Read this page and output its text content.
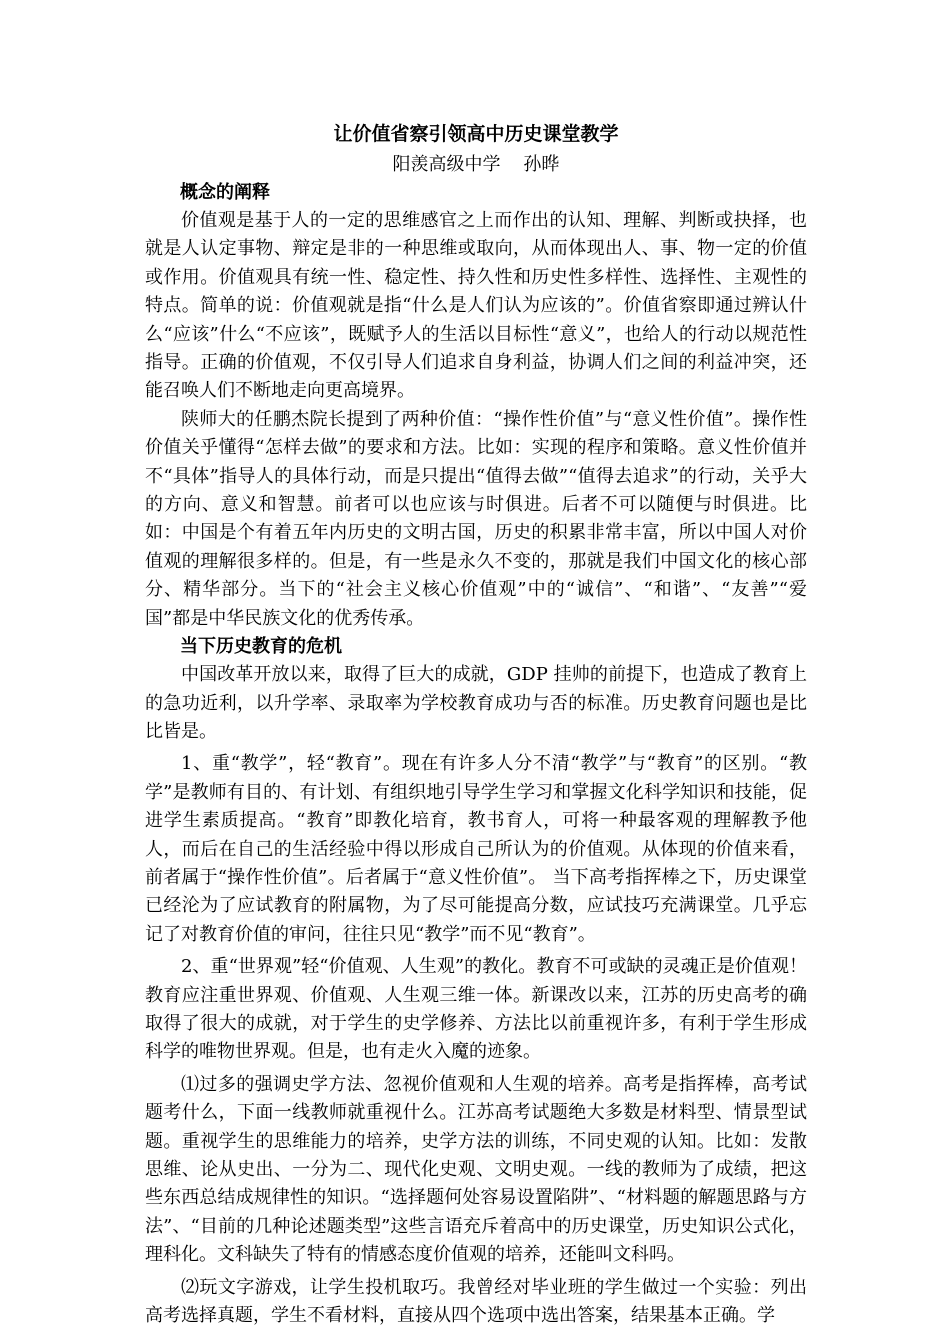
让价值省察引领高中历史课堂教学
阳羡高级中学    孙晔
概念的阐释

价值观是基于人的一定的思维感官之上而作出的认知、理解、判断或抉择，也就是人认定事物、辩定是非的一种思维或取向，从而体现出人、事、物一定的价值或作用。价值观具有统一性、稳定性、持久性和历史性多样性、选择性、主观性的特点。简单的说：价值观就是指“什么是人们认为应该的”。价值省察即通过辨认什么“应该”什么“不应该”，既赋予人的生活以目标性“意义”，也给人的行动以规范性指导。正确的价值观，不仅引导人们追求自身利益，协调人们之间的利益冲突，还能召唤人们不断地走向更高境界。

陕师大的任鹏杰院长提到了两种价值：“操作性价值”与“意义性价值”。操作性价值关乎懂得“怎样去做”的要求和方法。比如：实现的程序和策略。意义性价值并不“具体”指导人的具体行动，而是只提出“值得去做”“值得去追求”的行动，关乎大的方向、意义和智慧。前者可以也应该与时俱进。后者不可以随便与时俱进。比如：中国是个有着五年内历史的文明古国，历史的积累非常丰富，所以中国人对价值观的理解很多样的。但是，有一些是永久不变的，那就是我们中国文化的核心部分、精华部分。当下的“社会主义核心价值观”中的“诚信”、“和谐”、“友善”“爱国”都是中华民族文化的优秀传承。

当下历史教育的危机

中国改革开放以来，取得了巨大的成就，GDP 挂帅的前提下，也造成了教育上的急功近利，以升学率、录取率为学校教育成功与否的标准。历史教育问题也是比比皆是。

1、重“教学”，轻“教育”。现在有许多人分不清“教学”与“教育”的区别。“教学”是教师有目的、有计划、有组织地引导学生学习和掌握文化科学知识和技能，促进学生素质提高。“教育”即教化培育，教书育人，可将一种最客观的理解教予他人，而后在自己的生活经验中得以形成自己所认为的价值观。从体现的价值来看，前者属于“操作性价值”。后者属于“意义性价值”。 当下高考指挥棒之下，历史课堂已经沦为了应试教育的附属物，为了尽可能提高分数，应试技巧充满课堂。几乎忘记了对教育价值的审问，往往只见“教学”而不见“教育”。

2、重“世界观”轻“价值观、人生观”的教化。教育不可或缺的灵魂正是价值观！教育应注重世界观、价值观、人生观三维一体。新课改以来，江苏的历史高考的确取得了很大的成就，对于学生的史学修养、方法比以前重视许多，有利于学生形成科学的唯物世界观。但是，也有走火入魔的迹象。

⑴过多的强调史学方法、忽视价值观和人生观的培养。高考是指挥棒，高考试题考什么，下面一线教师就重视什么。江苏高考试题绝大多数是材料型、情景型试题。重视学生的思维能力的培养，史学方法的训练，不同史观的认知。比如：发散思维、论从史出、一分为二、现代化史观、文明史观。一线的教师为了成绩，把这些东西总结成规律性的知识。“选择题何处容易设置陷阱”、“材料题的解题思路与方法”、“目前的几种论述题类型”这些言语充斥着高中的历史课堂，历史知识公式化，理科化。文科缺失了特有的情感态度价值观的培养，还能叫文科吗。

⑵玩文字游戏，让学生投机取巧。我曾经对毕业班的学生做过一个实验：列出高考选择真题，学生不看材料，直接从四个选项中选出答案，结果基本正确。学
